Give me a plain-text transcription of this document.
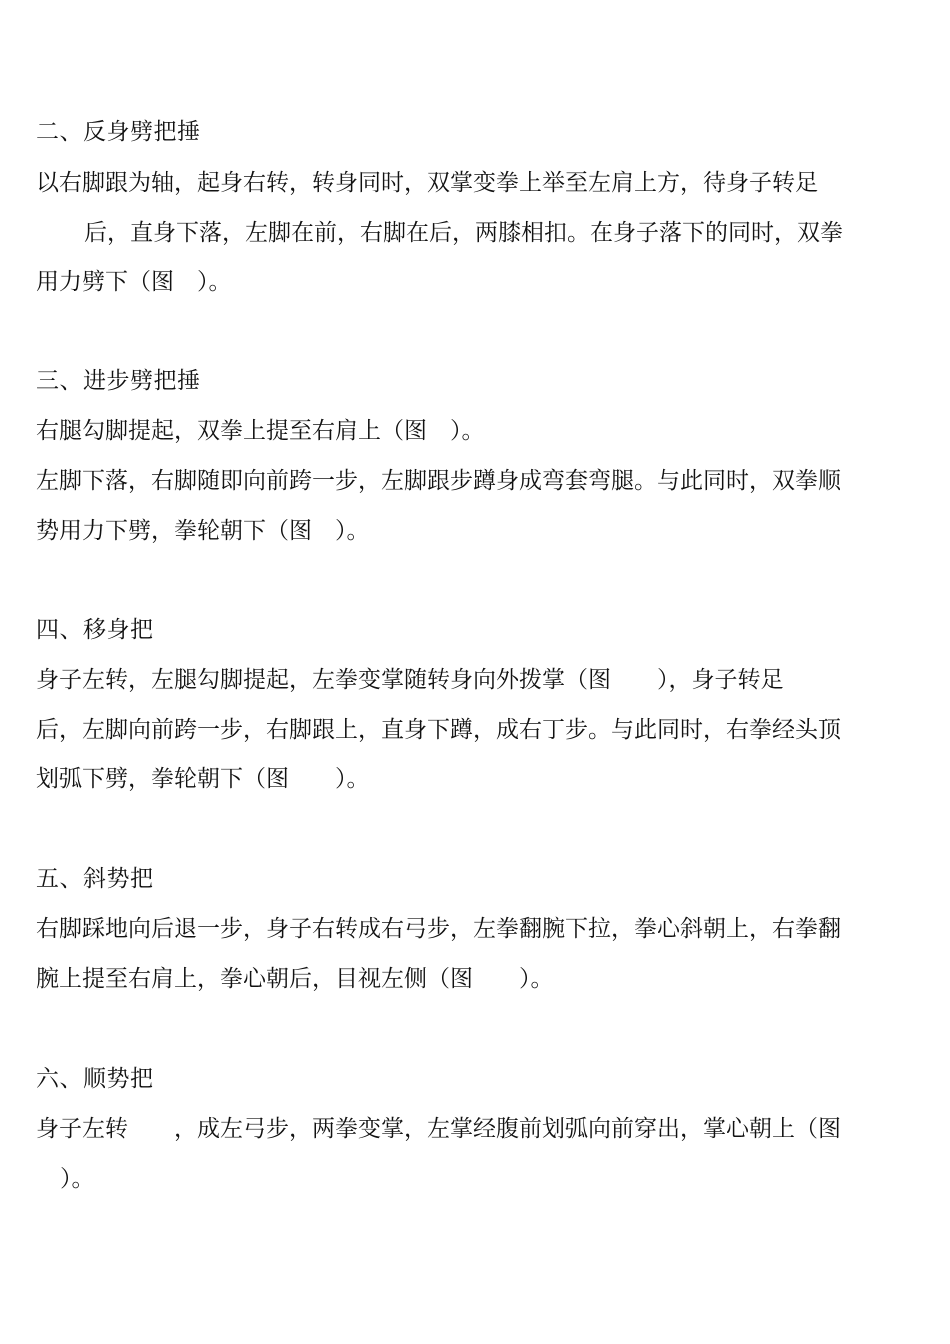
二、反身劈把捶
以右脚跟为轴，起身右转，转身同时，双掌变拳上举至左肩上方，待身子转足
后，直身下落，左脚在前，右脚在后，两膝相扣。在身子落下的同时，双拳
用力劈下（图　）。
三、进步劈把捶
右腿勾脚提起，双拳上提至右肩上（图　）。
左脚下落，右脚随即向前跨一步，左脚跟步蹲身成弯套弯腿。与此同时，双拳顺
势用力下劈，拳轮朝下（图　）。
四、移身把
身子左转，左腿勾脚提起，左拳变掌随转身向外拨掌（图　　），身子转足
后，左脚向前跨一步，右脚跟上，直身下蹲，成右丁步。与此同时，右拳经头顶
划弧下劈，拳轮朝下（图　　）。
五、斜势把
右脚踩地向后退一步，身子右转成右弓步，左拳翻腕下拉，拳心斜朝上，右拳翻
腕上提至右肩上，拳心朝后，目视左侧（图　　）。
六、顺势把
身子左转　　，成左弓步，两拳变掌，左掌经腹前划弧向前穿出，掌心朝上（图
）。
